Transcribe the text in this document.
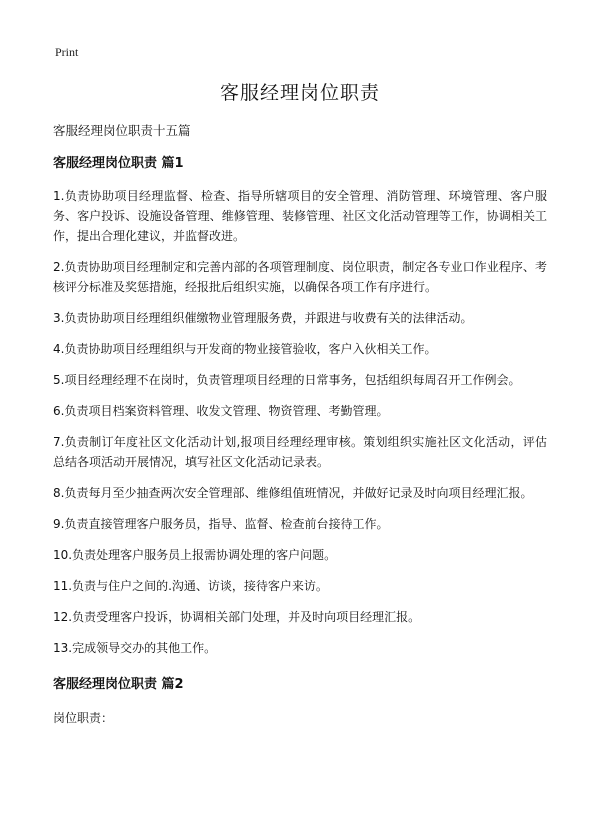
Print
客服经理岗位职责
客服经理岗位职责十五篇
客服经理岗位职责 篇1

1.负责协助项目经理监督、检查、指导所辖项目的安全管理、消防管理、环境管理、客户服务、客户投诉、设施设备管理、维修管理、装修管理、社区文化活动管理等工作，协调相关工作，提出合理化建议，并监督改进。

2.负责协助项目经理制定和完善内部的各项管理制度、岗位职责，制定各专业口作业程序、考核评分标准及奖惩措施，经报批后组织实施，以确保各项工作有序进行。

3.负责协助项目经理组织催缴物业管理服务费，并跟进与收费有关的法律活动。

4.负责协助项目经理组织与开发商的物业接管验收，客户入伙相关工作。

5.项目经理经理不在岗时，负责管理项目经理的日常事务，包括组织每周召开工作例会。

6.负责项目档案资料管理、收发文管理、物资管理、考勤管理。

7.负责制订年度社区文化活动计划,报项目经理经理审核。策划组织实施社区文化活动，评估总结各项活动开展情况，填写社区文化活动记录表。

8.负责每月至少抽查两次安全管理部、维修组值班情况，并做好记录及时向项目经理汇报。

9.负责直接管理客户服务员，指导、监督、检查前台接待工作。

10.负责处理客户服务员上报需协调处理的客户问题。

11.负责与住户之间的.沟通、访谈，接待客户来访。

12.负责受理客户投诉，协调相关部门处理，并及时向项目经理汇报。

13.完成领导交办的其他工作。

客服经理岗位职责 篇2

岗位职责：
